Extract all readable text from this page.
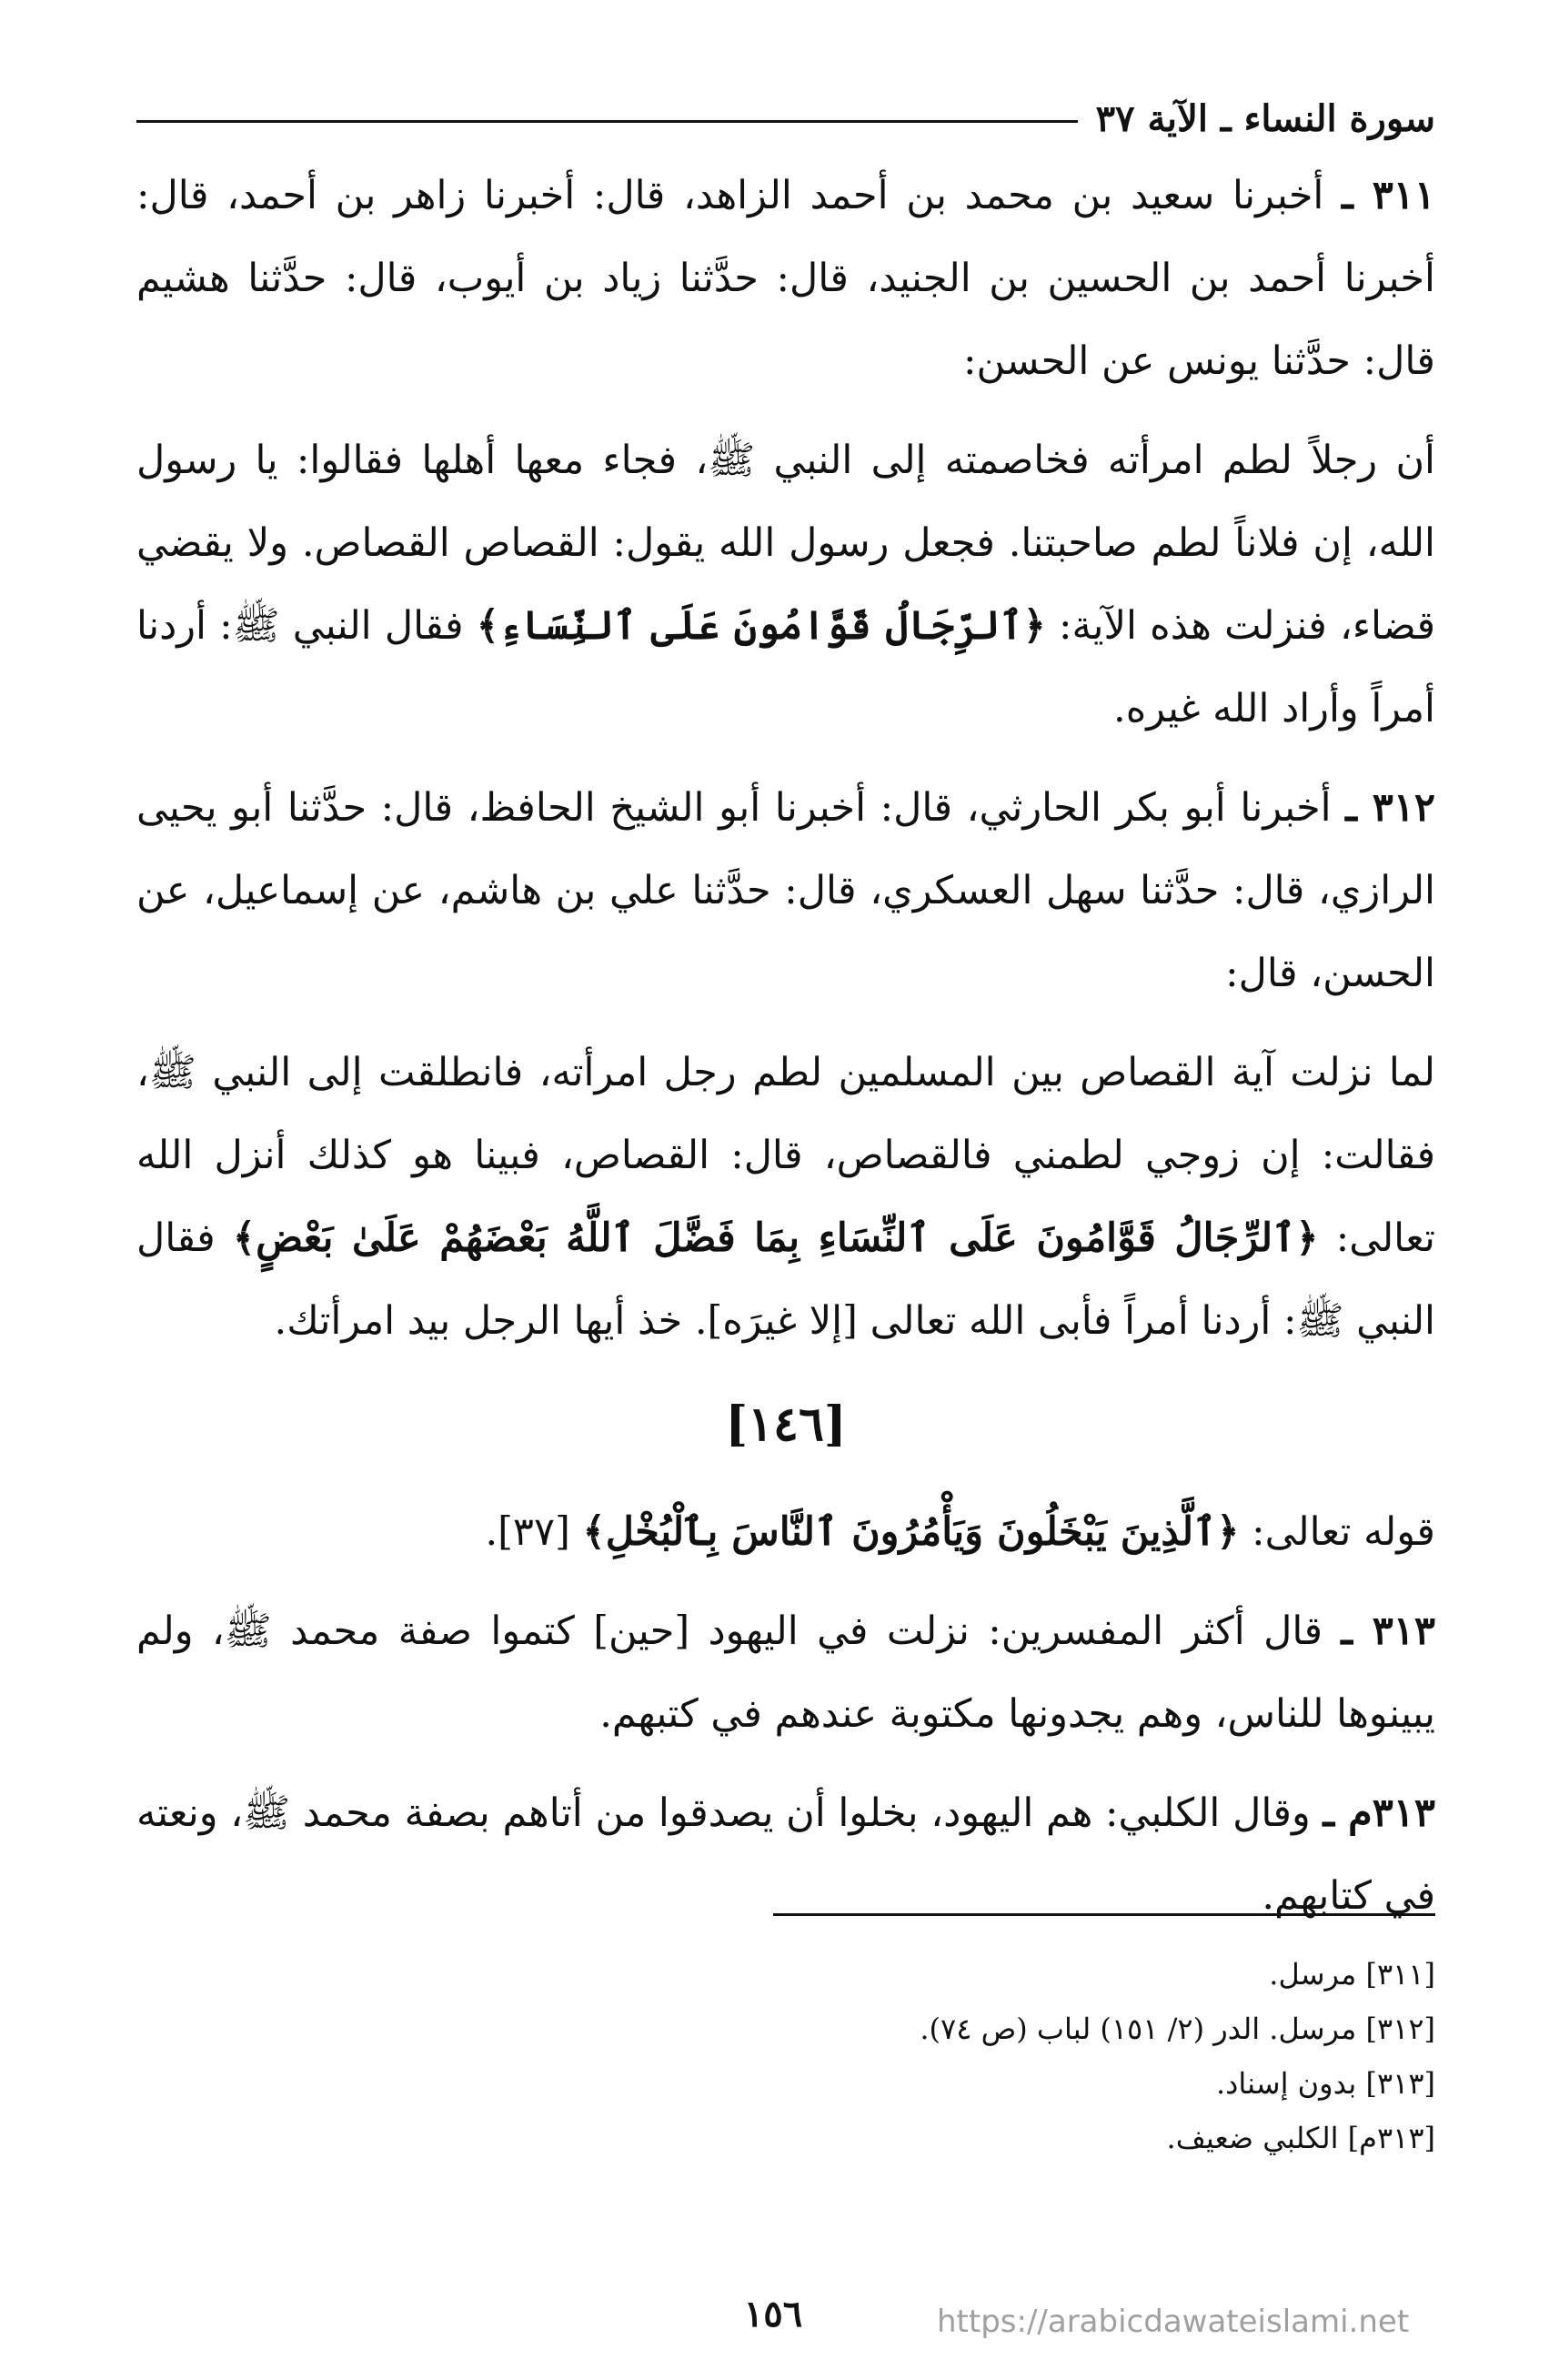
سورة النساء ـ الآية ٣٧

٣١١ ـ أخبرنا سعيد بن محمد بن أحمد الزاهد، قال: أخبرنا زاهر بن أحمد، قال: أخبرنا أحمد بن الحسين بن الجنيد، قال: حدَّثنا زياد بن أيوب، قال: حدَّثنا هشيم قال: حدَّثنا يونس عن الحسن:

أن رجلاً لطم امرأته فخاصمته إلى النبي ﷺ، فجاء معها أهلها فقالوا: يا رسول الله، إن فلاناً لطم صاحبتنا. فجعل رسول الله يقول: القصاص القصاص. ولا يقضي قضاء، فنزلت هذه الآية: ﴿ٱلرِّجَالُ قَوَّامُونَ عَلَى ٱلنِّسَاءِ﴾ فقال النبي ﷺ: أردنا أمراً وأراد الله غيره.

٣١٢ ـ أخبرنا أبو بكر الحارثي، قال: أخبرنا أبو الشيخ الحافظ، قال: حدَّثنا أبو يحيى الرازي، قال: حدَّثنا سهل العسكري، قال: حدَّثنا علي بن هاشم، عن إسماعيل، عن الحسن، قال:

لما نزلت آية القصاص بين المسلمين لطم رجل امرأته، فانطلقت إلى النبي ﷺ، فقالت: إن زوجي لطمني فالقصاص، قال: القصاص، فبينا هو كذلك أنزل الله تعالى: ﴿ٱلرِّجَالُ قَوَّامُونَ عَلَى ٱلنِّسَاءِ بِمَا فَضَّلَ ٱللَّهُ بَعْضَهُمْ عَلَىٰ بَعْضٍ﴾ فقال النبي ﷺ: أردنا أمراً فأبى الله تعالى [إلا غيرَه]. خذ أيها الرجل بيد امرأتك.

[١٤٦]

قوله تعالى: ﴿ٱلَّذِينَ يَبْخَلُونَ وَيَأْمُرُونَ ٱلنَّاسَ بِٱلْبُخْلِ﴾ [٣٧].

٣١٣ ـ قال أكثر المفسرين: نزلت في اليهود [حين] كتموا صفة محمد ﷺ، ولم يبينوها للناس، وهم يجدونها مكتوبة عندهم في كتبهم.

٣١٣م ـ وقال الكلبي: هم اليهود، بخلوا أن يصدقوا من أتاهم بصفة محمد ﷺ، ونعته في كتابهم.

[٣١١] مرسل.
[٣١٢] مرسل. الدر (٢/ ١٥١) لباب (ص ٧٤).
[٣١٣] بدون إسناد.
[٣١٣م] الكلبي ضعيف.
١٥٦	https://arabicdawateislami.net
